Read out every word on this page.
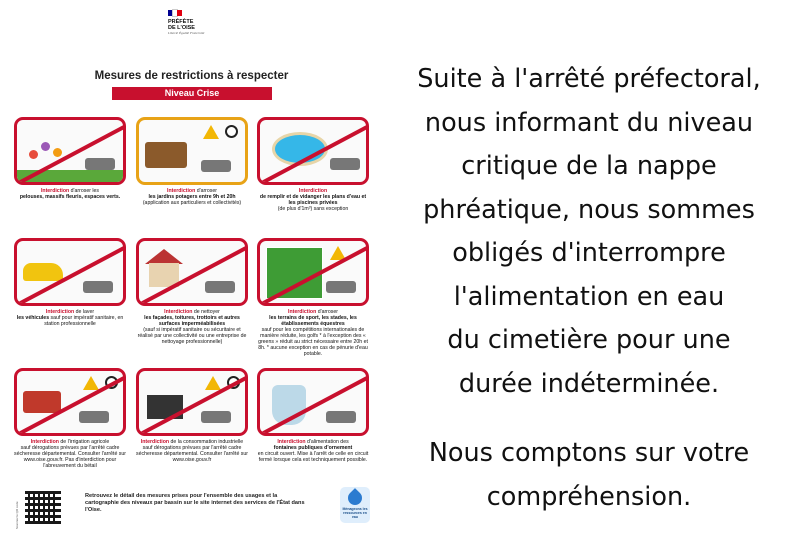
PRÉFÈTE
DE L'OISE
Liberté Égalité Fraternité
Mesures de restrictions à respecter
Niveau Crise
Interdiction d'arroser les
pelouses, massifs fleuris, espaces verts.
Interdiction d'arroser
les jardins potagers entre 9h et 20h
(application aux particuliers et collectivités)
Interdiction
de remplir et de vidanger les plans d'eau et les piscines privées
(de plus d'1m³) sans exception
Interdiction de laver
les véhicules sauf pour impératif sanitaire, en station professionnelle
Interdiction de nettoyer
les façades, toitures, trottoirs et autres surfaces imperméabilisées
(sauf si impératif sanitaire ou sécuritaire et réalisé par une collectivité ou une entreprise de nettoyage professionnelle)
Interdiction d'arroser
les terrains de sport, les stades, les établissements équestres
sauf pour les compétitions internationales de manière réduite, les golfs * à l'exception des « greens » réduit au strict nécessaire entre 20h et 8h. * aucune exception en cas de pénurie d'eau potable.
Interdiction de l'irrigation agricole
sauf dérogations prévues par l'arrêté cadre sécheresse départemental. Consulter l'arrêté sur www.oise.gouv.fr. Pas d'interdiction pour l'abreuvement du bétail
Interdiction de la consommation industrielle
sauf dérogations prévues par l'arrêté cadre sécheresse départemental. Consulter l'arrêté sur www.oise.gouv.fr
Interdiction d'alimentation des
fontaines publiques d'ornement
en circuit ouvert. Mise à l'arrêt de celle en circuit fermé lorsque cela est techniquement possible.
Scannez le QR code
Retrouvez le détail des mesures prises pour l'ensemble des usages et la cartographie des niveaux par bassin sur le site internet des services de l'État dans l'Oise.	Ménageons les ressources en eau

Suite à l'arrêté préfectoral,

nous informant du niveau

critique de la nappe

phréatique, nous sommes

obligés d'interrompre

l'alimentation en eau

du cimetière pour une

durée indéterminée.

Nous comptons sur votre

compréhension.
